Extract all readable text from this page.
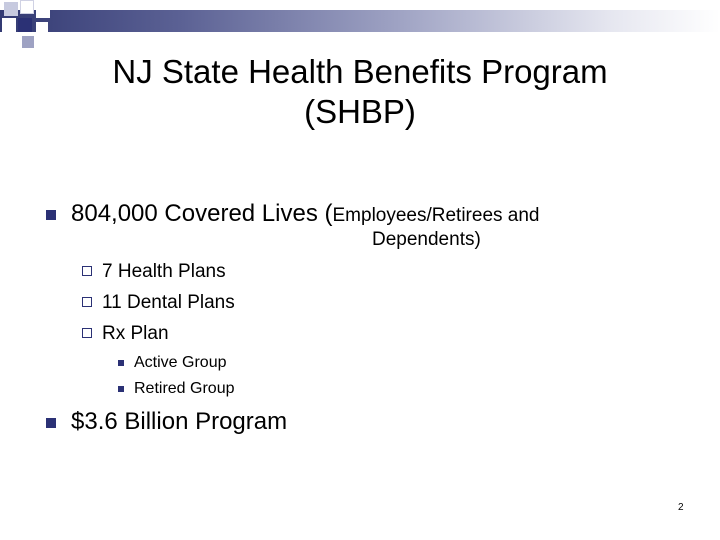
NJ State Health Benefits Program
(SHBP)
804,000 Covered Lives (Employees/Retirees and
Dependents)
7 Health Plans
11 Dental Plans
Rx Plan
Active Group
Retired Group
$3.6 Billion Program
2
